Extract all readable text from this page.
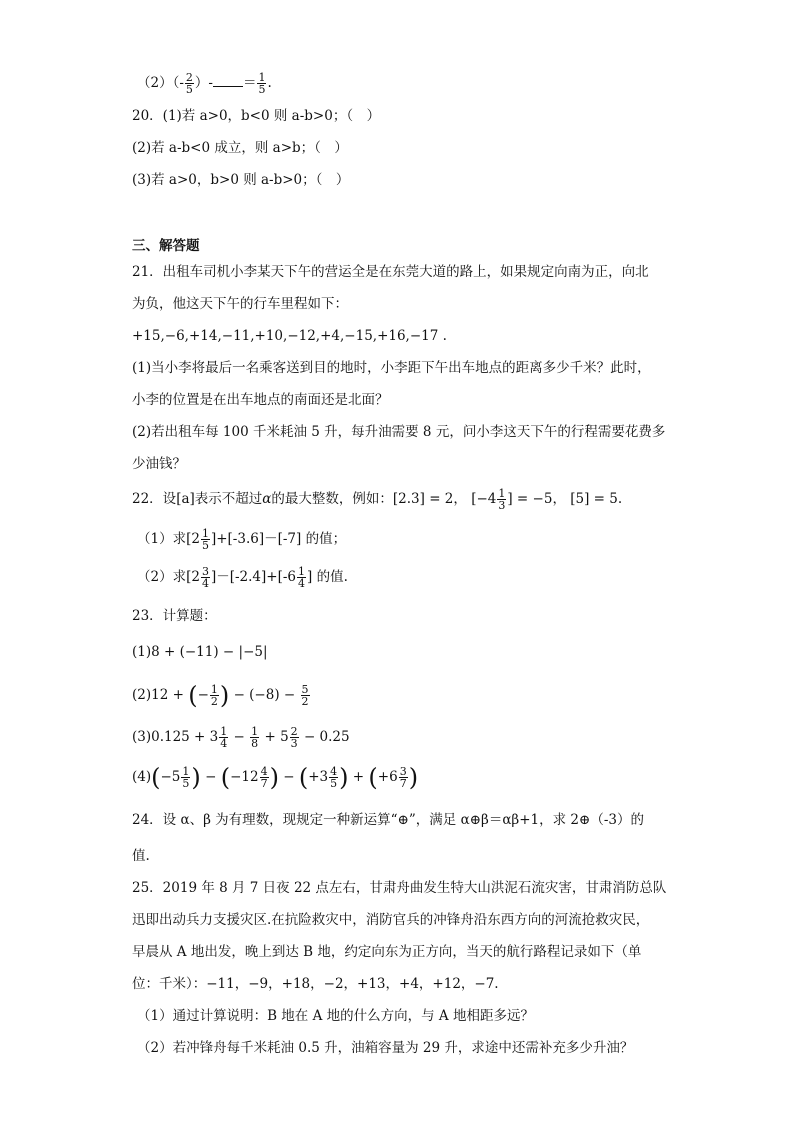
$(2)(- \frac{2}{5}$ ）- ＝ $\frac{1}{5}$ .
20．(1)若 a>0，b<0 则 a-b>0；（　）
(2)若 a-b<0 成立，则 a>b；（　）
(3)若 a>0，b>0 则 a-b>0；（　）
三、解答题
21．出租车司机小李某天下午的营运全是在东莞大道的路上，如果规定向南为正，向北
为负，他这天下午的行车里程如下：
+15,−6,+14,−11,+10,−12,+4,−15,+16,−17 .
(1)当小李将最后一名乘客送到目的地时，小李距下午出车地点的距离多少千米？此时，
小李的位置是在出车地点的南面还是北面？
(2)若出租车每 100 千米耗油 5 升，每升油需要 8 元，问小李这天下午的行程需要花费多
少油钱？
22．设[a]表示不超过α的最大整数，例如：[2.3] = 2， [$-4 \frac{1}{3}$ ] = −5， [5] = 5.
（1）求$[2 \frac{1}{5} ]+[-3.6]-[-7]$ 的值；
（2）求$[2 \frac{3}{4} ]-[-2.4]+[-6 \frac{1}{4}$ ] 的值.
23．计算题：
(1)8 + (−11) − |−5|
(2)12 + (− $\frac{1}{2}$ ) − $(-8) - \frac{5}{2}$
$(3)0.125 + 3 \frac{1}{4} - \frac{1}{8} + 5 \frac{2}{3} - 0.25$
$(4)(-5 \frac{1}{5}$ ) − ($-12 \frac{4}{7}$ ) − ($+3 \frac{4}{5}$ ) + ($+6 \frac{3}{7}$ )
24．设 α、β 为有理数，现规定一种新运算“⊕”，满足 α⊕β＝αβ+1，求 2⊕（-3）的
值.
25．2019 年 8 月 7 日夜 22 点左右，甘肃舟曲发生特大山洪泥石流灾害，甘肃消防总队
迅即出动兵力支援灾区.在抗险救灾中，消防官兵的冲锋舟沿东西方向的河流抢救灾民，
早晨从 A 地出发，晚上到达 B 地，约定向东为正方向，当天的航行路程记录如下（单
位：千米）：−11，−9，+18，−2，+13，+4，+12，−7.
（1）通过计算说明：B 地在 A 地的什么方向，与 A 地相距多远？
（2）若冲锋舟每千米耗油 0.5 升，油箱容量为 29 升，求途中还需补充多少升油？
